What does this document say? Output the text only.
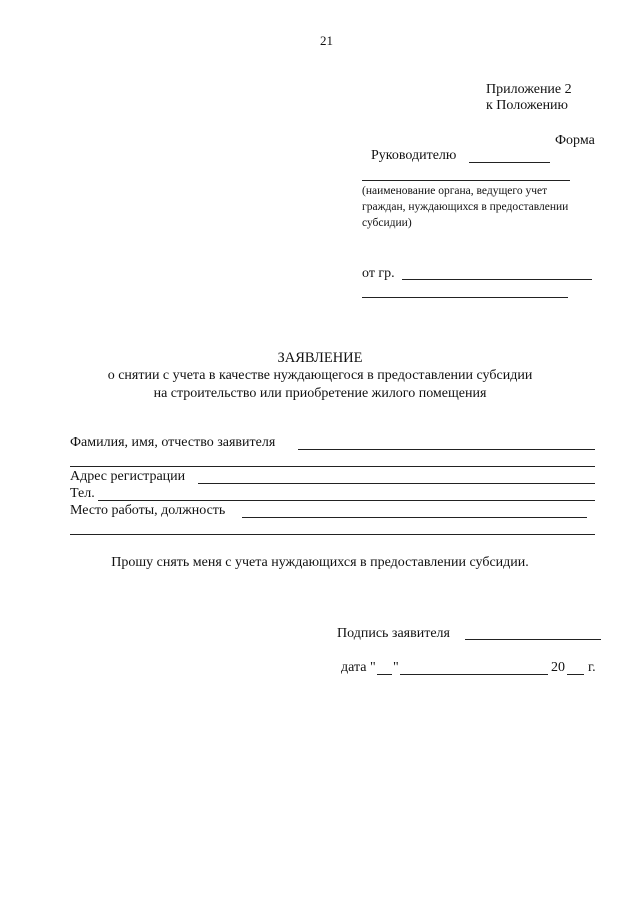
21
Приложение 2
к Положению
Форма
Руководителю
(наименование органа, ведущего учет
граждан, нуждающихся в предоставлении
субсидии)
от гр.
ЗАЯВЛЕНИЕ
о снятии с учета в качестве нуждающегося в предоставлении субсидии
на строительство или приобретение жилого помещения
Фамилия, имя, отчество заявителя
Адрес регистрации
Тел.
Место работы, должность
Прошу снять меня с учета нуждающихся в предоставлении субсидии.
Подпись заявителя
дата " "	20 г.
